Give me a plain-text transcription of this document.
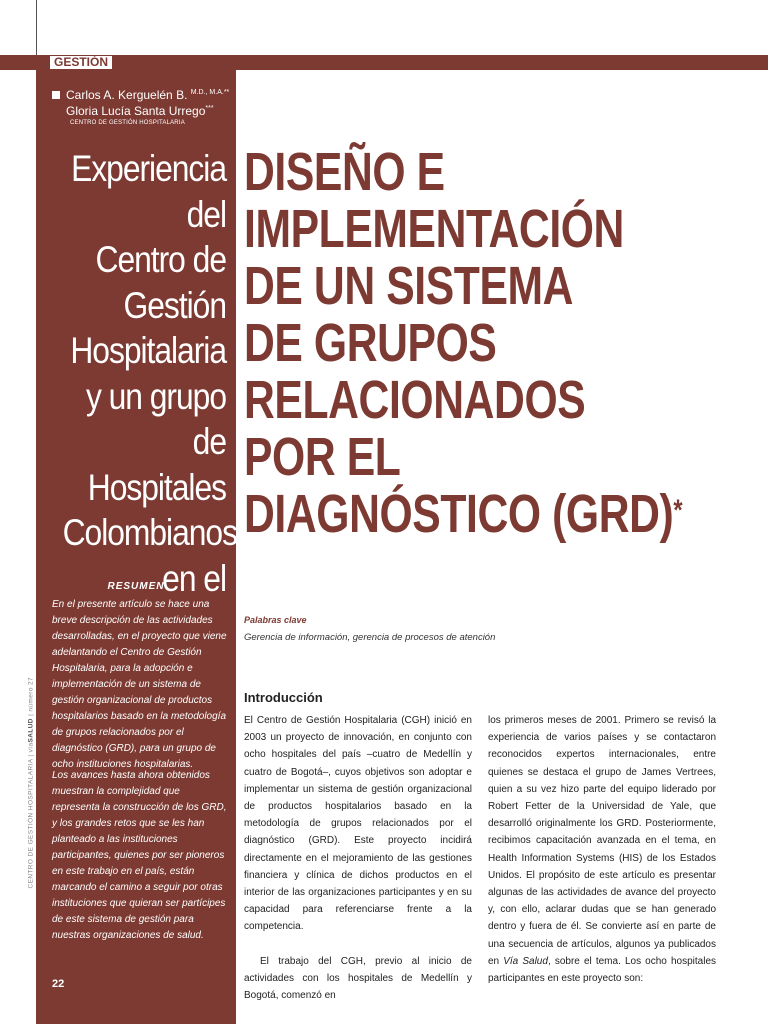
GESTIÓN
Carlos A. Kerguelén B. $^{M.D., M.A.**}$
Gloria Lucía Santa Urrego***
CENTRO DE GESTIÓN HOSPITALARIA
Experiencia
del
Centro de
Gestión
Hospitalaria
y un grupo
de Hospitales
Colombianos
en el
DISEÑO E
IMPLEMENTACIÓN
DE UN SISTEMA
DE GRUPOS
RELACIONADOS
POR EL
DIAGNÓSTICO (GRD)*
RESUMEN
En el presente artículo se hace una breve descripción de las actividades desarrolladas, en el proyecto que viene adelantando el Centro de Gestión Hospitalaria, para la adopción e implementación de un sistema de gestión organizacional de productos hospitalarios basado en la metodología de grupos relacionados por el diagnóstico (GRD), para un grupo de ocho instituciones hospitalarias.
Los avances hasta ahora obtenidos muestran la complejidad que representa la construcción de los GRD, y los grandes retos que se les han planteado a las instituciones participantes, quienes por ser pioneros en este trabajo en el país, están marcando el camino a seguir por otras instituciones que quieran ser partícipes de este sistema de gestión para nuestras organizaciones de salud.
CENTRO DE GESTIÓN HOSPITALARIA | víaSALUD | número 27
22
Palabras clave
Gerencia de información, gerencia de procesos de atención
Introducción

El Centro de Gestión Hospitalaria (CGH) inició en 2003 un proyecto de innovación, en conjunto con ocho hospitales del país –cuatro de Medellín y cuatro de Bogotá–, cuyos objetivos son adoptar e implementar un sistema de gestión organizacional de productos hospitalarios basado en la metodología de grupos relacionados por el diagnóstico (GRD). Este proyecto incidirá directamente en el mejoramiento de las gestiones financiera y clínica de dichos productos en el interior de las organizaciones participantes y en su capacidad para referenciarse frente a la competencia.

El trabajo del CGH, previo al inicio de actividades con los hospitales de Medellín y Bogotá, comenzó en

los primeros meses de 2001. Primero se revisó la experiencia de varios países y se contactaron reconocidos expertos internacionales, entre quienes se destaca el grupo de James Vertrees, quien a su vez hizo parte del equipo liderado por Robert Fetter de la Universidad de Yale, que desarrolló originalmente los GRD. Posteriormente, recibimos capacitación avanzada en el tema, en Health Information Systems (HIS) de los Estados Unidos. El propósito de este artículo es presentar algunas de las actividades de avance del proyecto y, con ello, aclarar dudas que se han generado dentro y fuera de él. Se convierte así en parte de una secuencia de artículos, algunos ya publicados en Vía Salud, sobre el tema. Los ocho hospitales participantes en este proyecto son:
